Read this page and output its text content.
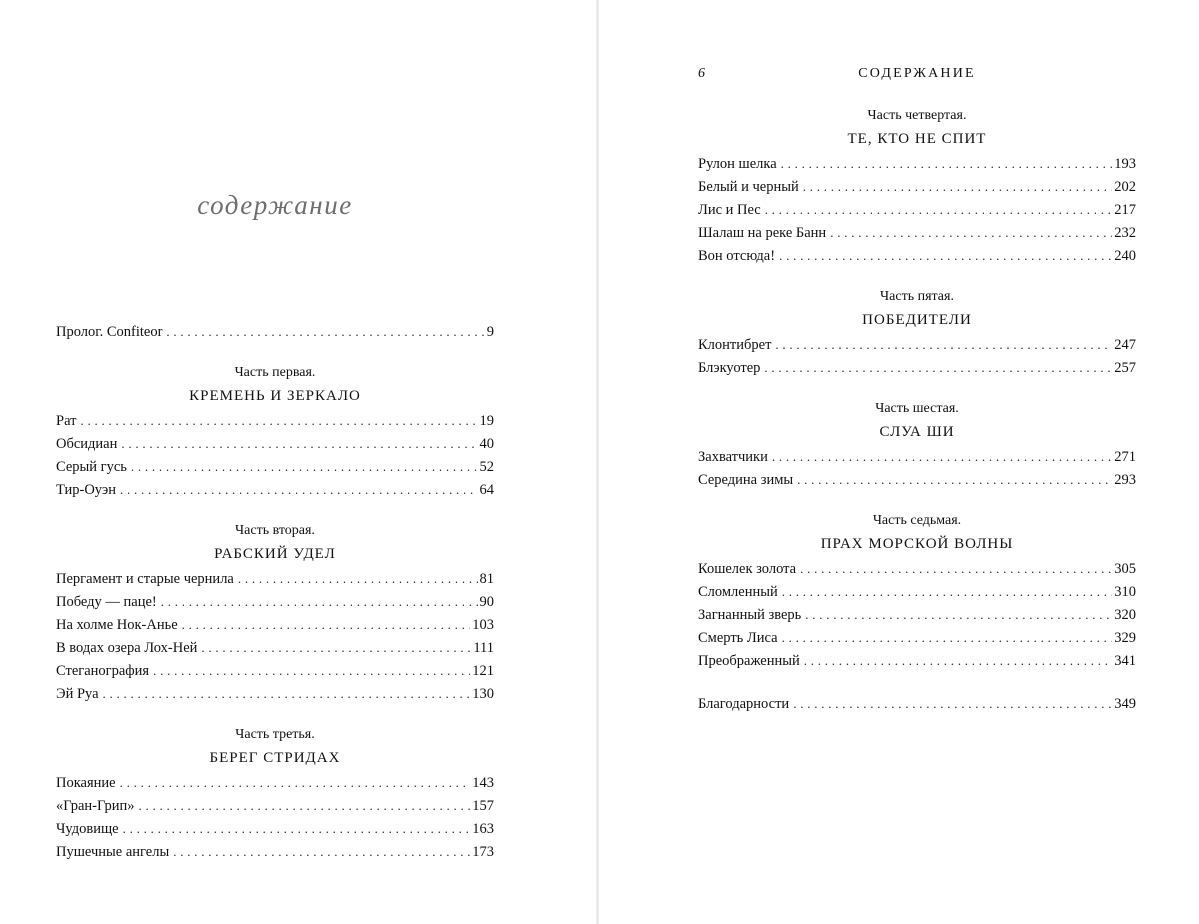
содержание
Пролог. Confiteor . . .	9
Часть первая.
КРЕМЕНЬ И ЗЕРКАЛО
Рат . . .	19
Обсидиан . . .	40
Серый гусь . . .	52
Тир-Оуэн . . .	64
Часть вторая.
РАБСКИЙ УДЕЛ
Пергамент и старые чернила . . .	81
Победу — паце! . . .	90
На холме Нок-Анье . . .	103
В водах озера Лох-Ней . . .	111
Стеганография . . .	121
Эй Руа . . .	130
Часть третья.
БЕРЕГ СТРИДАХ
Покаяние . . .	143
«Гран-Грип» . . .	157
Чудовище . . .	163
Пушечные ангелы . . .	173
6	СОДЕРЖАНИЕ
Часть четвертая.
ТЕ, КТО НЕ СПИТ
Рулон шелка . . .	193
Белый и черный . . .	202
Лис и Пес . . .	217
Шалаш на реке Банн . . .	232
Вон отсюда! . . .	240
Часть пятая.
ПОБЕДИТЕЛИ
Клонтибрет . . .	247
Блэкуотер . . .	257
Часть шестая.
СЛУА ШИ
Захватчики . . .	271
Середина зимы . . .	293
Часть седьмая.
ПРАХ МОРСКОЙ ВОЛНЫ
Кошелек золота . . .	305
Сломленный . . .	310
Загнанный зверь . . .	320
Смерть Лиса . . .	329
Преображенный . . .	341
Благодарности . . .	349
